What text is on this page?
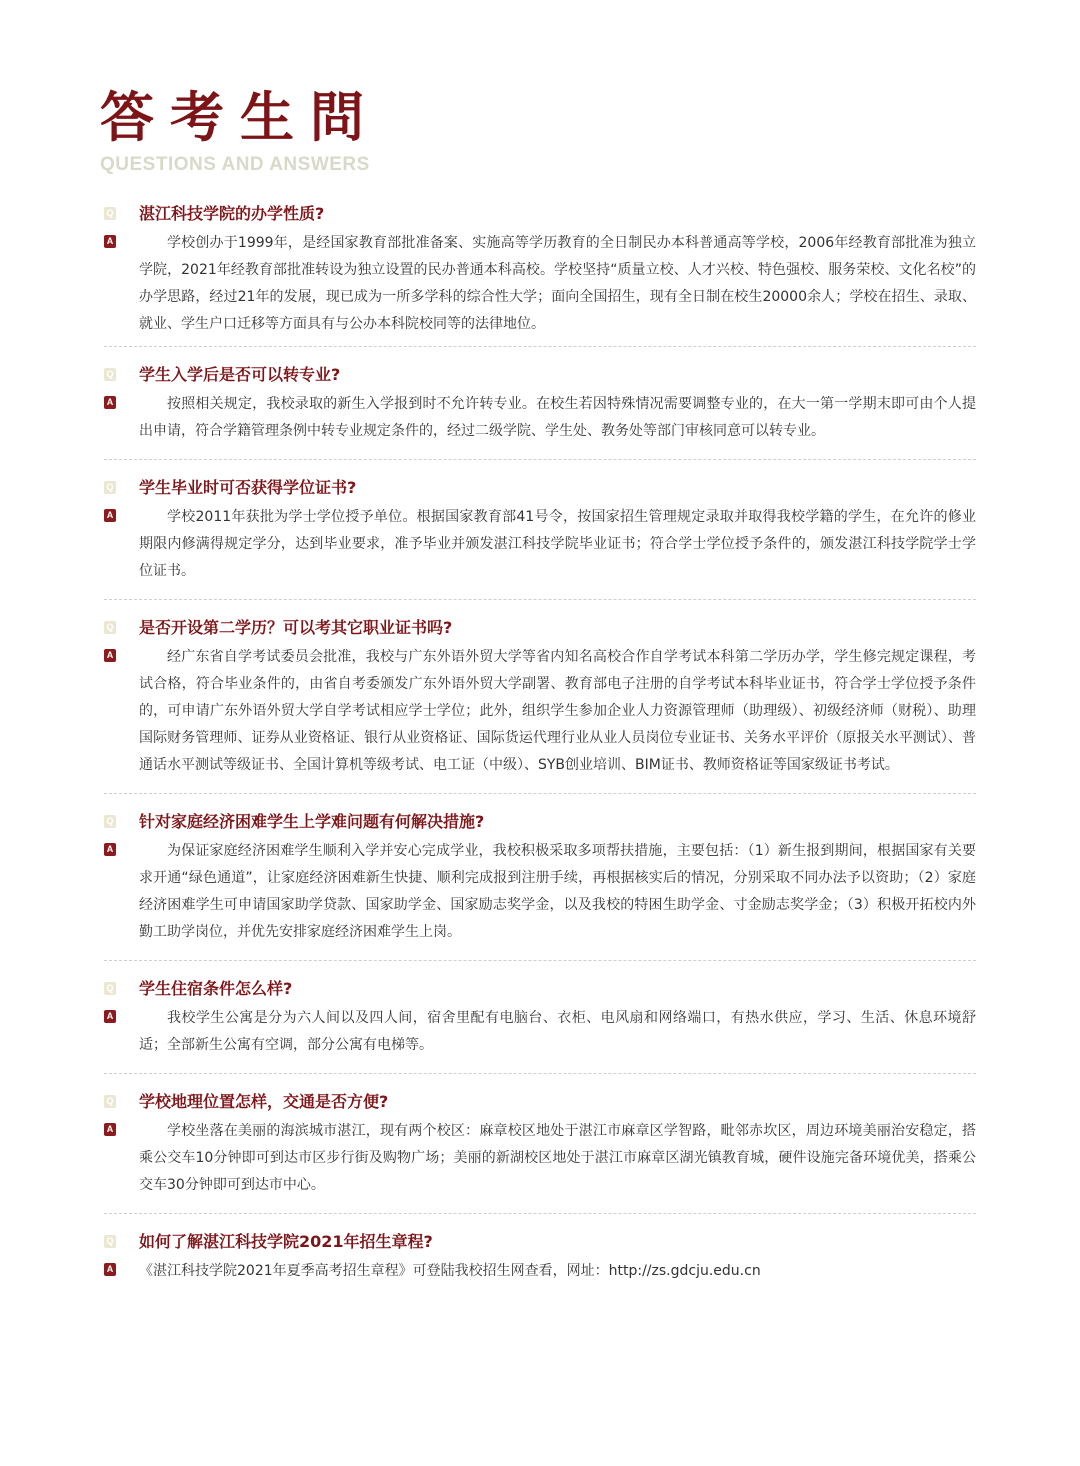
答考生問
QUESTIONS AND ANSWERS
Q 湛江科技学院的办学性质?
A	学校创办于1999年，是经国家教育部批准备案、实施高等学历教育的全日制民办本科普通高等学校，2006年经教育部批准为独立学院，2021年经教育部批准转设为独立设置的民办普通本科高校。学校坚持“质量立校、人才兴校、特色强校、服务荣校、文化名校”的办学思路，经过21年的发展，现已成为一所多学科的综合性大学；面向全国招生，现有全日制在校生20000余人；学校在招生、录取、就业、学生户口迁移等方面具有与公办本科院校同等的法律地位。
Q 学生入学后是否可以转专业?
A	按照相关规定，我校录取的新生入学报到时不允许转专业。在校生若因特殊情况需要调整专业的，在大一第一学期末即可由个人提出申请，符合学籍管理条例中转专业规定条件的，经过二级学院、学生处、教务处等部门审核同意可以转专业。
Q 学生毕业时可否获得学位证书?
A	学校2011年获批为学士学位授予单位。根据国家教育部41号令，按国家招生管理规定录取并取得我校学籍的学生，在允许的修业期限内修满得规定学分，达到毕业要求，准予毕业并颁发湛江科技学院毕业证书；符合学士学位授予条件的，颁发湛江科技学院学士学位证书。
Q 是否开设第二学历？可以考其它职业证书吗?
A	经广东省自学考试委员会批准，我校与广东外语外贸大学等省内知名高校合作自学考试本科第二学历办学，学生修完规定课程，考试合格，符合毕业条件的，由省自考委颁发广东外语外贸大学副署、教育部电子注册的自学考试本科毕业证书，符合学士学位授予条件的，可申请广东外语外贸大学自学考试相应学士学位；此外，组织学生参加企业人力资源管理师（助理级）、初级经济师（财税）、助理国际财务管理师、证券从业资格证、银行从业资格证、国际货运代理行业从业人员岗位专业证书、关务水平评价（原报关水平测试）、普通话水平测试等级证书、全国计算机等级考试、电工证（中级）、SYB创业培训、BIM证书、教师资格证等国家级证书考试。
Q 针对家庭经济困难学生上学难问题有何解决措施?
A	为保证家庭经济困难学生顺利入学并安心完成学业，我校积极采取多项帮扶措施，主要包括：（1）新生报到期间，根据国家有关要求开通“绿色通道”，让家庭经济困难新生快捷、顺利完成报到注册手续，再根据核实后的情况，分别采取不同办法予以资助；（2）家庭经济困难学生可申请国家助学贷款、国家助学金、国家励志奖学金，以及我校的特困生助学金、寸金励志奖学金；（3）积极开拓校内外勤工助学岗位，并优先安排家庭经济困难学生上岗。
Q 学生住宿条件怎么样?
A	我校学生公寓是分为六人间以及四人间，宿舍里配有电脑台、衣柜、电风扇和网络端口，有热水供应，学习、生活、休息环境舒适；全部新生公寓有空调，部分公寓有电梯等。
Q 学校地理位置怎样，交通是否方便?
A	学校坐落在美丽的海滨城市湛江，现有两个校区：麻章校区地处于湛江市麻章区学智路，毗邻赤坎区，周边环境美丽治安稳定，搭乘公交车10分钟即可到达市区步行街及购物广场；美丽的新湖校区地处于湛江市麻章区湖光镇教育城，硬件设施完备环境优美，搭乘公交车30分钟即可到达市中心。
Q 如何了解湛江科技学院2021年招生章程?
A 《湛江科技学院2021年夏季高考招生章程》可登陆我校招生网查看，网址：http://zs.gdcju.edu.cn
